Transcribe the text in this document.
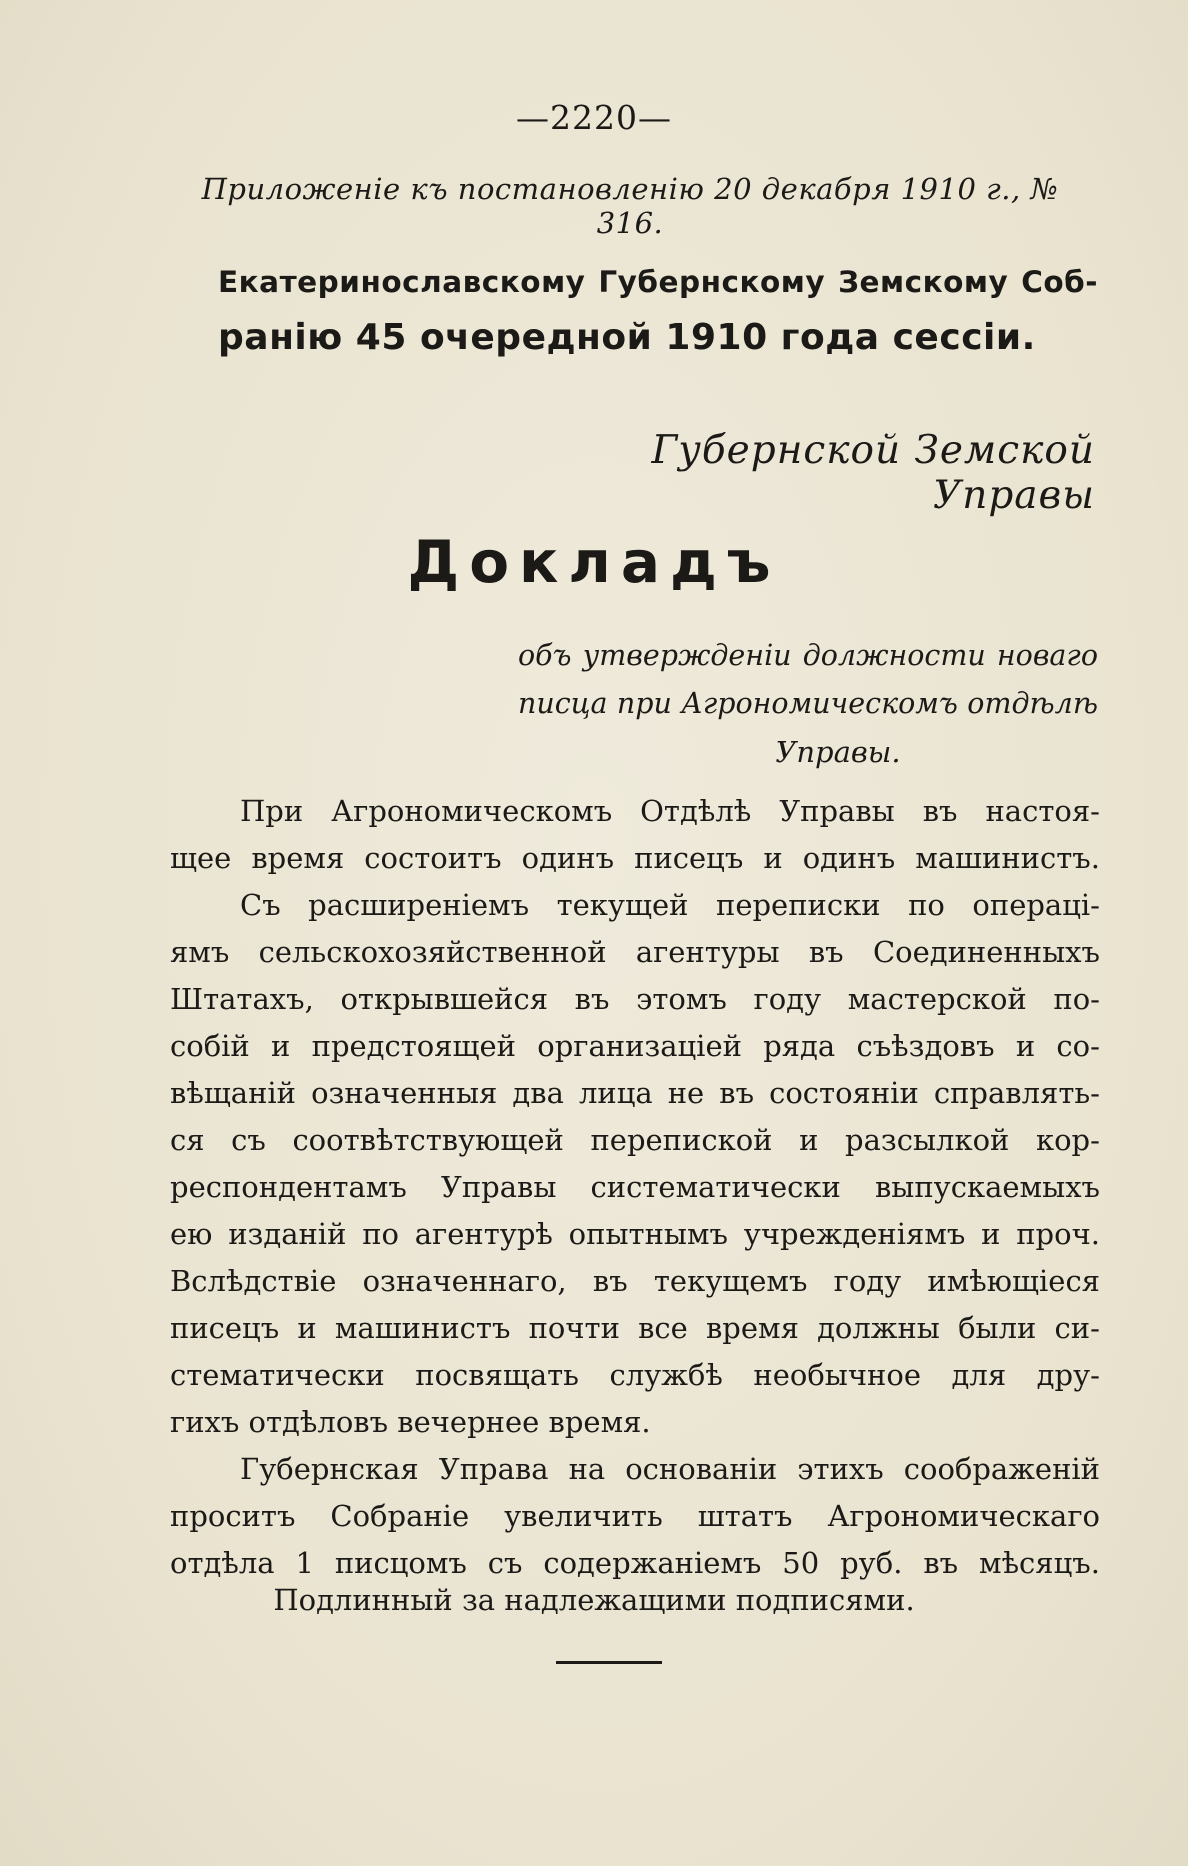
—2220—
Приложеніе къ постановленію 20 декабря 1910 г., № 316.
Екатеринославскому Губернскому Земскому Соб-
ранію 45 очередной 1910 года сессіи.
Губернской Земской Управы
Докладъ
объ утвержденіи должности новаго
писца при Агрономическомъ отдѣлѣ
Управы.
При Агрономическомъ Отдѣлѣ Управы въ настоя-
щее время состоитъ одинъ писецъ и одинъ машинистъ.
Съ расширеніемъ текущей переписки по операці-
ямъ сельскохозяйственной агентуры въ Соединенныхъ
Штатахъ, открывшейся въ этомъ году мастерской по-
собій и предстоящей организаціей ряда съѣздовъ и со-
вѣщаній означенныя два лица не въ состояніи справлять-
ся съ соотвѣтствующей перепиской и разсылкой кор-
респондентамъ Управы систематически выпускаемыхъ
ею изданій по агентурѣ опытнымъ учрежденіямъ и проч.
Вслѣдствіе означеннаго, въ текущемъ году имѣющіеся
писецъ и машинистъ почти все время должны были си-
стематически посвящать службѣ необычное для дру-
гихъ отдѣловъ вечернее время.
Губернская Управа на основаніи этихъ соображеній
проситъ Собраніе увеличить штатъ Агрономическаго
отдѣла 1 писцомъ съ содержаніемъ 50 руб. въ мѣсяцъ.
Подлинный за надлежащими подписями.
